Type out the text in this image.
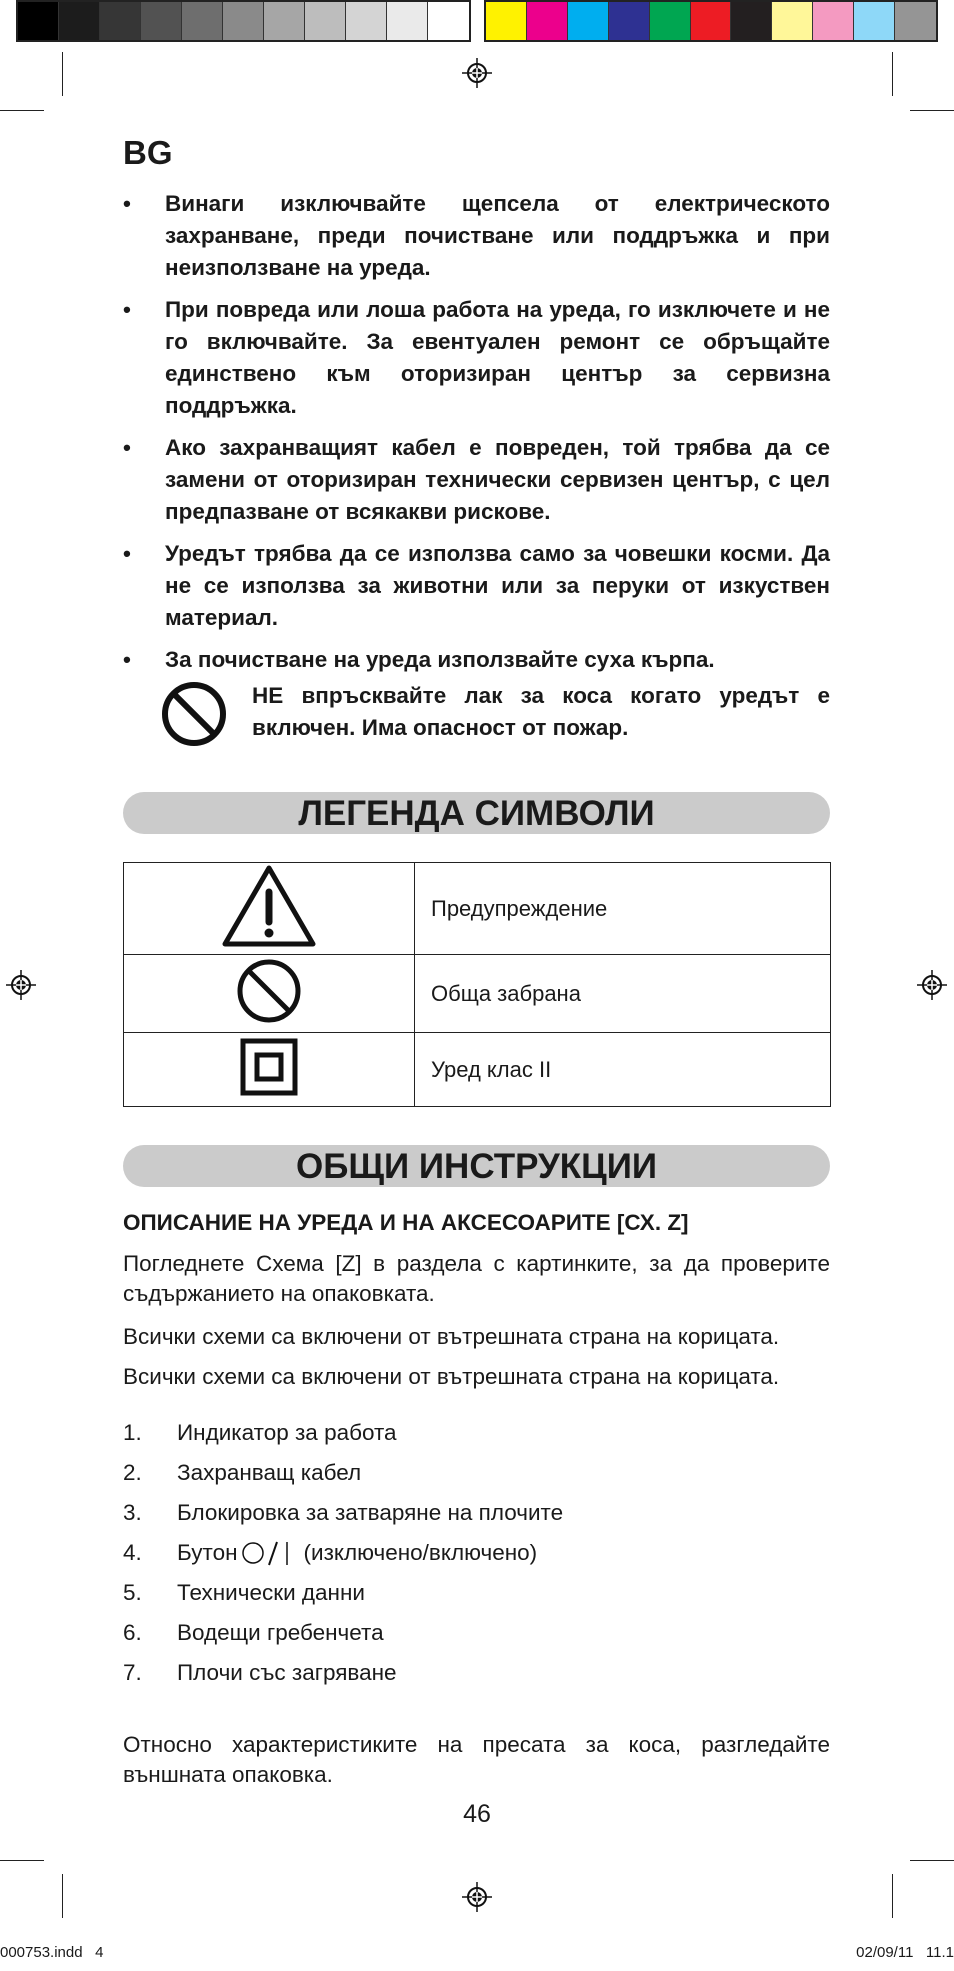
BG
• Винаги изключвайте щепсела от електрическото захранване, преди почистване или поддръжка и при неизползване на уреда.
• При повреда или лоша работа на уреда, го изключете и не го включвайте. За евентуален ремонт се обръщайте единствено към оторизиран център за сервизна поддръжка.
• Ако захранващият кабел е повреден, той трябва да се замени от оторизиран технически сервизен център, с цел предпазване от всякакви рискове.
• Уредът трябва да се използва само за човешки косми. Да не се използва за животни или за перуки от изкуствен материал.
• За почистване на уреда използвайте суха кърпа.
НЕ впръсквайте лак за коса когато уредът е включен. Има опасност от пожар.
ЛЕГЕНДА СИМВОЛИ
	Предупреждение
	Обща забрана
	Уред клас II
ОБЩИ ИНСТРУКЦИИ
ОПИСАНИЕ НА УРЕДА И НА АКСЕСОАРИТЕ [СХ. Z]
Погледнете Схема [Z] в раздела с картинките, за да проверите съдържанието на опаковката.
Всички схеми са включени от вътрешната страна на корицата.
Всички схеми са включени от вътрешната страна на корицата.
1.	Индикатор за работа
2.	Захранващ кабел
3.	Блокировка за затваряне на плочите
4.	Бутон	(изключено/включено)
5.	Технически данни
6.	Водещи гребенчета
7.	Плочи със загряване
Относно характеристиките на пресата за коса, разгледайте външната опаковка.
46
000753.indd   4	02/09/11   11.1
